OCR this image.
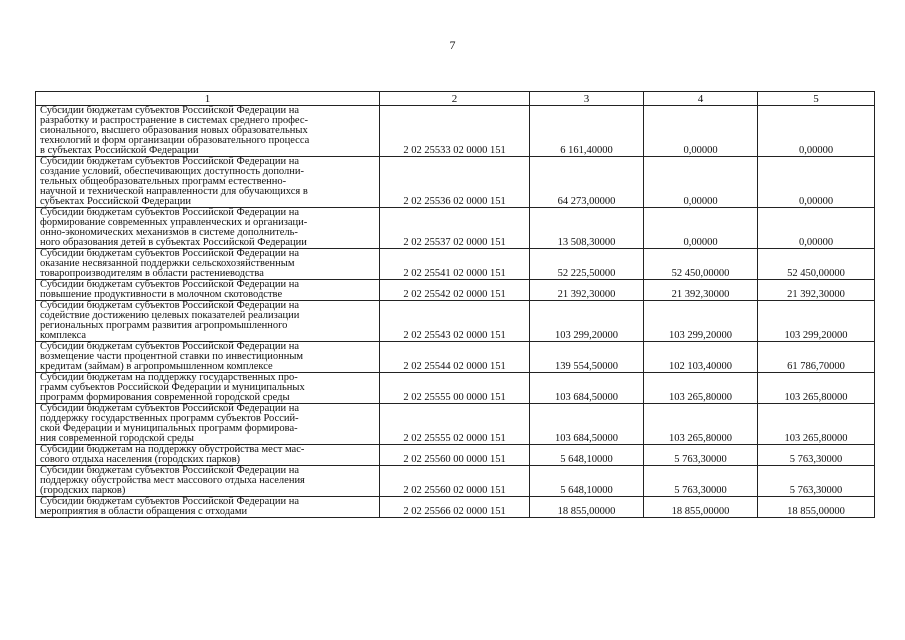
7
1	2	3	4	5
Субсидии бюджетам субъектов Российской Федерации на
разработку и распространение в системах среднего профес-
сионального, высшего образования новых образовательных
технологий и форм организации образовательного процесса
в субъектах Российской Федерации	2 02 25533 02 0000 151	6 161,40000	0,00000	0,00000
Субсидии бюджетам субъектов Российской Федерации на
создание условий, обеспечивающих доступность дополни-
тельных общеобразовательных программ естественно-
научной и технической направленности для обучающихся в
субъектах Российской Федерации	2 02 25536 02 0000 151	64 273,00000	0,00000	0,00000
Субсидии бюджетам субъектов Российской Федерации на
формирование современных управленческих и организаци-
онно-экономических механизмов в системе дополнитель-
ного образования детей в субъектах Российской Федерации	2 02 25537 02 0000 151	13 508,30000	0,00000	0,00000
Субсидии бюджетам субъектов Российской Федерации на
оказание несвязанной поддержки сельскохозяйственным
товаропроизводителям в области растениеводства	2 02 25541 02 0000 151	52 225,50000	52 450,00000	52 450,00000
Субсидии бюджетам субъектов Российской Федерации на
повышение продуктивности в молочном скотоводстве	2 02 25542 02 0000 151	21 392,30000	21 392,30000	21 392,30000
Субсидии бюджетам субъектов Российской Федерации на
содействие достижению целевых показателей реализации
региональных программ развития агропромышленного
комплекса	2 02 25543 02 0000 151	103 299,20000	103 299,20000	103 299,20000
Субсидии бюджетам субъектов Российской Федерации на
возмещение части процентной ставки по инвестиционным
кредитам (займам) в агропромышленном комплексе	2 02 25544 02 0000 151	139 554,50000	102 103,40000	61 786,70000
Субсидии бюджетам на поддержку государственных про-
грамм субъектов Российской Федерации и муниципальных
программ формирования современной городской среды	2 02 25555 00 0000 151	103 684,50000	103 265,80000	103 265,80000
Субсидии бюджетам субъектов Российской Федерации на
поддержку государственных программ субъектов Россий-
ской Федерации и муниципальных программ формирова-
ния современной городской среды	2 02 25555 02 0000 151	103 684,50000	103 265,80000	103 265,80000
Субсидии бюджетам на поддержку обустройства мест мас-
сового отдыха населения (городских парков)	2 02 25560 00 0000 151	5 648,10000	5 763,30000	5 763,30000
Субсидии бюджетам субъектов Российской Федерации на
поддержку обустройства мест массового отдыха населения
(городских парков)	2 02 25560 02 0000 151	5 648,10000	5 763,30000	5 763,30000
Субсидии бюджетам субъектов Российской Федерации на
мероприятия в области обращения с отходами	2 02 25566 02 0000 151	18 855,00000	18 855,00000	18 855,00000
